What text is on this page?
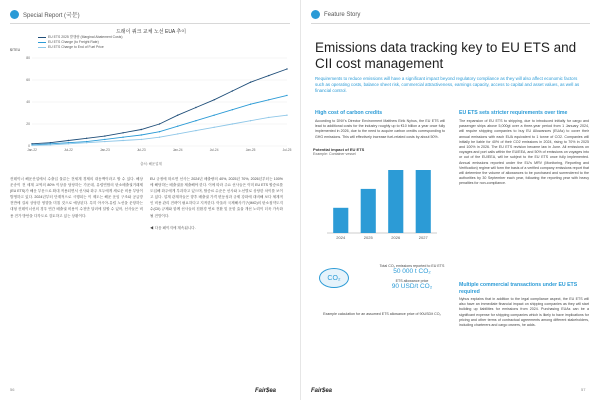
Special Report (국문)
드래이 쿼크 교체 노선 EUA 추이
EU ETS 2025 발행량 (Marginal Abatement Costs)
EU ETS Change (to Freight Rate)
EU ETS Change to End of Fuel Price
$/TEU
0
20
40
60
80
Jan-22	Jul-22	Jan-23	Jul-23	Jan-24	Jul-24	Jan-25	Jul-25
출처: 해운업계
컨테이너 해운산업에서 수출입 물류는 전세계 경제의 대동맥이라고 할 수 있다. 해상 운송이 전 세계 교역의 80% 이상을 담당하는 가운데, 유럽연합의 탄소배출권거래제(EU ETS)가 해운 부문으로 확대 적용되면서 선사와 화주 모두에게 새로운 비용 부담이 발생하고 있다. 2024년부터 단계적으로 시행되는 이 제도는 해운 운임 구조와 공급망 전반에 걸쳐 상당한 영향을 미칠 것으로 예상된다. 특히 아시아-유럽 노선을 운항하는 대형 컨테이너선의 경우 연간 배출권 비용이 수천만 달러에 달할 수 있어, 선사들은 비용 전가 방안을 다각도로 검토하고 있는 상황이다.
EU 규정에 따르면 선사는 2024년 배출량의 40%, 2025년 70%, 2026년부터는 100%에 해당하는 배출권을 제출해야 한다. 이에 따라 주요 선사들은 이미 EU ETS 할증료를 도입해 화주에게 부과하고 있으며, 할증료 수준은 선사와 노선별로 상당한 차이를 보이고 있다. 업계 관계자들은 향후 배출권 가격 변동성과 규제 강화에 대비해 보다 체계적인 비용 관리 전략이 필요하다고 지적한다. 아울러 국제해사기구(IMO)의 탄소집약도지수(CII) 규제와 함께 선사들의 친환경 연료 전환 및 운항 효율 개선 노력이 더욱 가속화될 전망이다.
◀ 다음 페이지에 계속됩니다.
56	Fair$ea
Feature Story
Emissions data tracking key to EU ETS and CII cost management
Requirements to reduce emissions will have a significant impact beyond regulatory compliance as they will also affect economic factors such as operating costs, balance sheet risk, commercial attractiveness, earnings capacity, access to capital and asset values, as well as financial control.
High cost of carbon credits
According to DNV's Director Environment Matthew Eirik Nyhus, the EU ETS will lead to additional costs for the industry roughly up to €10 billion a year once fully implemented in 2026, due to the need to acquire carbon credits corresponding to GHG emissions. This will effectively increase fuel-related costs by about 50%.
Potential impact of EU ETS
Example: Container vessel
2024	2025	2026	2027
CO₂
Total CO₂ emissions reported to EU ETS
50 000 t CO₂
ETS allowance price
90 USD/t CO₂
Example calculation for an assumed ETS allowance price of 90USD/t CO₂
EU ETS sets stricter requirements over time
The expansion of EU ETS to shipping, due to introduced initially for cargo and passenger ships above 5,000gt over a three-year period from 1 January 2024, will require shipping companies to buy EU Allowances (EUAs) to cover their annual emissions with each EUA equivalent to 1 tonne of CO2. Companies will initially be liable for 40% of their CO2 emissions in 2024, rising to 70% in 2025 and 100% in 2026. The EU ETS revision became law in June. All emissions on voyages and port calls within the EU/EEA, and 50% of emissions on voyages into or out of the EU/EEA, will be subject to the EU ETS once fully implemented. Annual emissions reported under the EU's MRV (Monitoring, Reporting and Verification) regime will form the basis of a verified company emissions report that will determine the volume of allowances to be purchased and surrendered to the authorities by 30 September each year, following the reporting year with heavy penalties for non-compliance.
Multiple commercial transactions under EU ETS required
Nyhus explains that in addition to the legal compliance aspect, the EU ETS will also have an immediate financial impact on shipping companies as they will start building up liabilities for emissions from 2024. Purchasing EUAs can be a significant expense for shipping companies which is likely to have implications for pricing and other terms of contractual agreements among different stakeholders, including charterers and cargo owners, he adds.
Fair$ea	57
